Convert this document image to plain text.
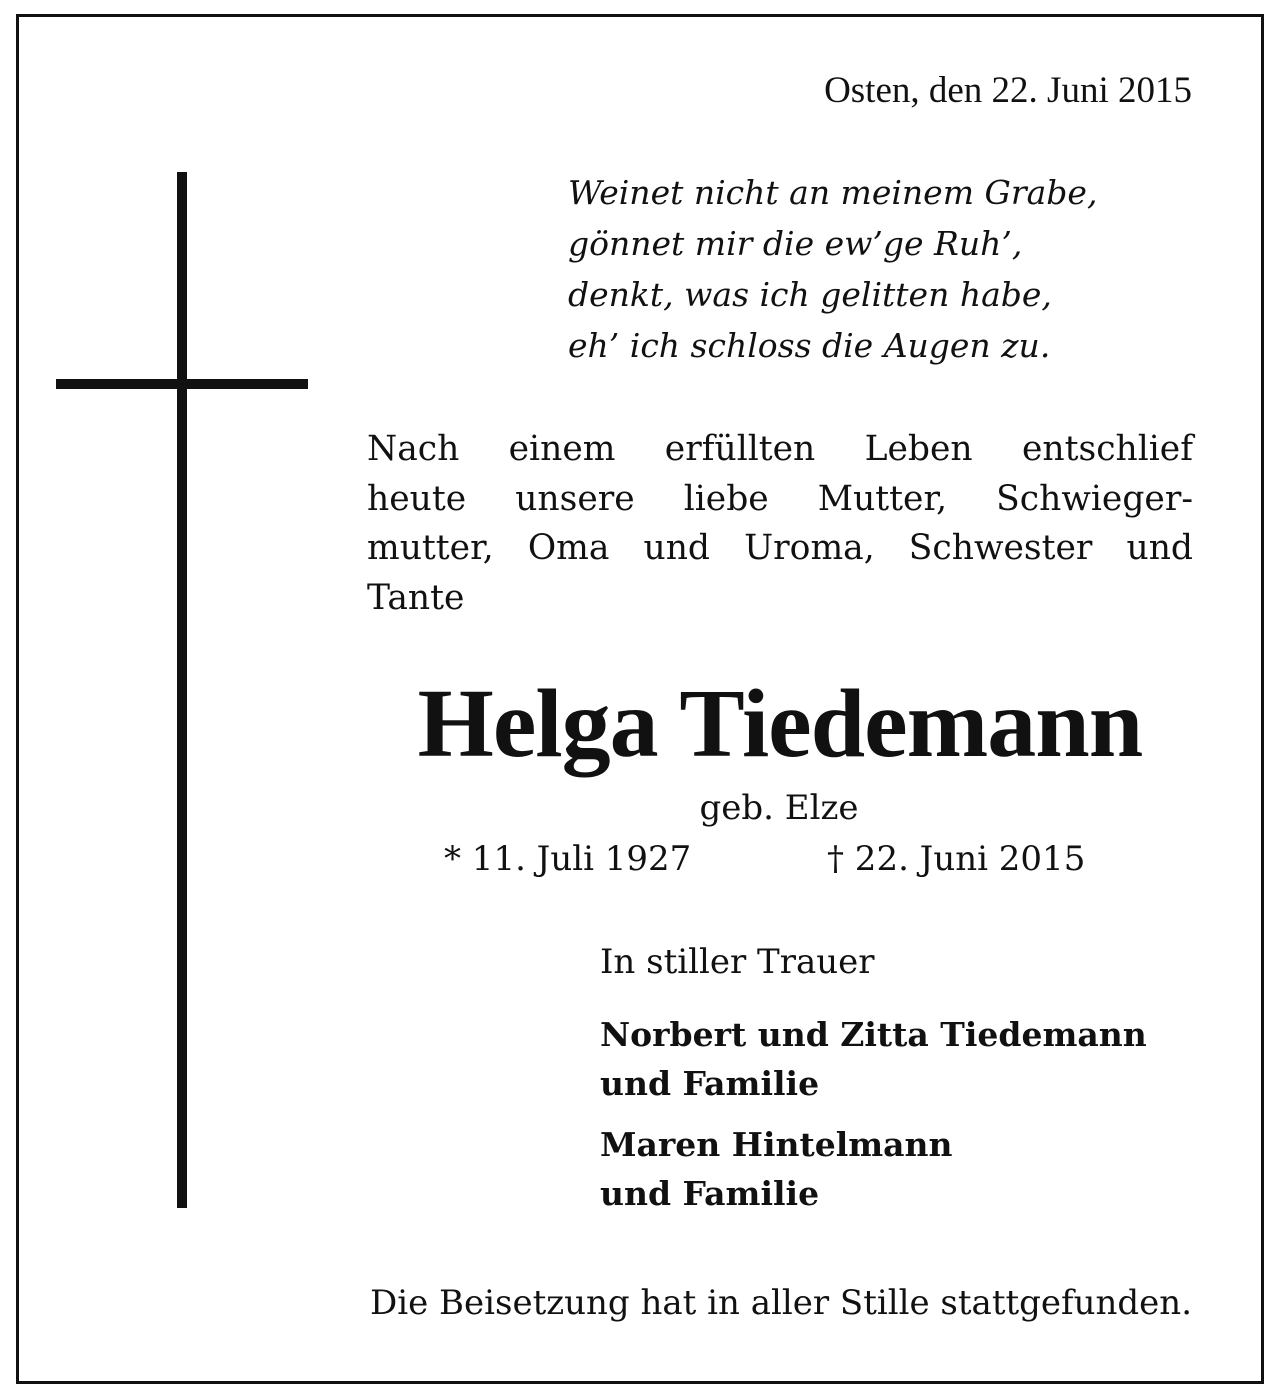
Osten, den 22. Juni 2015
Weinet nicht an meinem Grabe,
gönnet mir die ew’ge Ruh’,
denkt, was ich gelitten habe,
eh’ ich schloss die Augen zu.
Nach einem erfüllten Leben entschlief
heute unsere liebe Mutter, Schwieger-
mutter, Oma und Uroma, Schwester und
Tante
Helga Tiedemann
geb. Elze
* 11. Juli 1927	† 22. Juni 2015
In stiller Trauer
Norbert und Zitta Tiedemann
und Familie
Maren Hintelmann
und Familie
Die Beisetzung hat in aller Stille stattgefunden.
